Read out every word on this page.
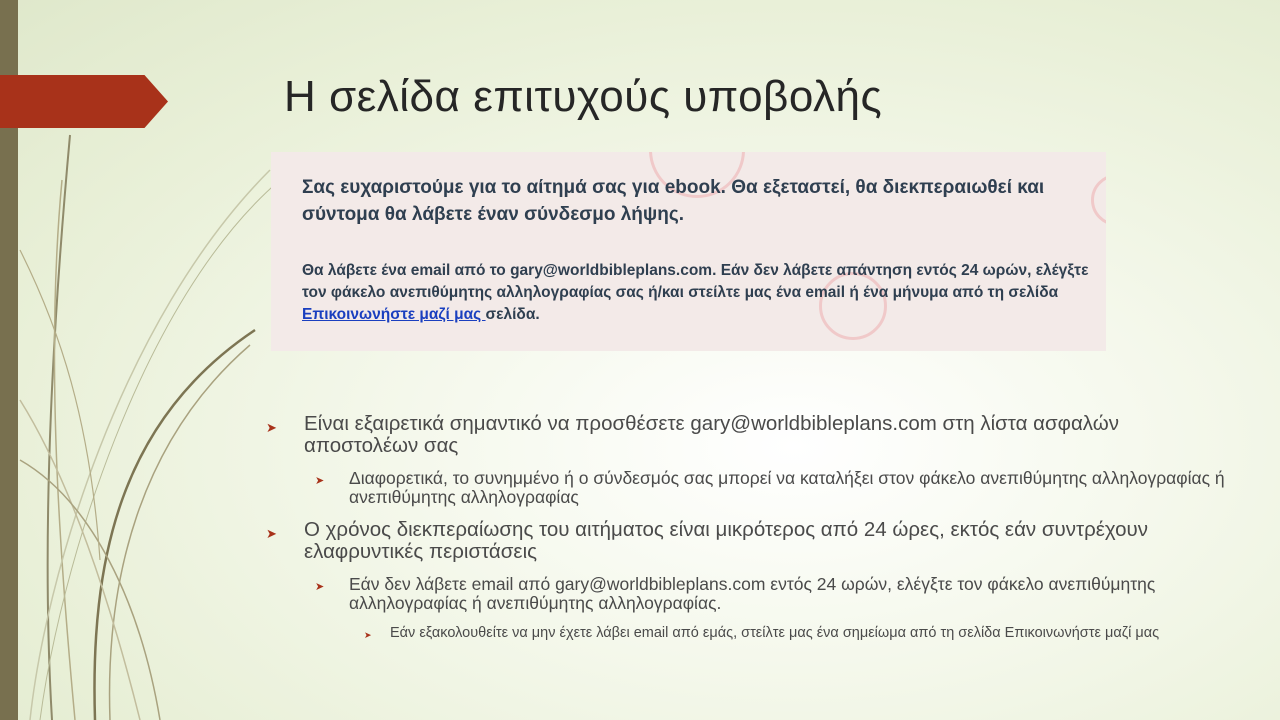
Η σελίδα επιτυχούς υποβολής
Σας ευχαριστούμε για το αίτημά σας για ebook. Θα εξεταστεί, θα διεκπεραιωθεί και σύντομα θα λάβετε έναν σύνδεσμο λήψης.
Θα λάβετε ένα email από το gary@worldbibleplans.com. Εάν δεν λάβετε απάντηση εντός 24 ωρών, ελέγξτε τον φάκελο ανεπιθύμητης αλληλογραφίας σας ή/και στείλτε μας ένα email ή ένα μήνυμα από τη σελίδα Επικοινωνήστε μαζί μας σελίδα.
➤ Είναι εξαιρετικά σημαντικό να προσθέσετε gary@worldbibleplans.com στη λίστα ασφαλών αποστολέων σας
➤ Διαφορετικά, το συνημμένο ή ο σύνδεσμός σας μπορεί να καταλήξει στον φάκελο ανεπιθύμητης αλληλογραφίας ή ανεπιθύμητης αλληλογραφίας
➤ Ο χρόνος διεκπεραίωσης του αιτήματος είναι μικρότερος από 24 ώρες, εκτός εάν συντρέχουν ελαφρυντικές περιστάσεις
➤ Εάν δεν λάβετε email από gary@worldbibleplans.com εντός 24 ωρών, ελέγξτε τον φάκελο ανεπιθύμητης αλληλογραφίας ή ανεπιθύμητης αλληλογραφίας.
➤ Εάν εξακολουθείτε να μην έχετε λάβει email από εμάς, στείλτε μας ένα σημείωμα από τη σελίδα Επικοινωνήστε μαζί μας
